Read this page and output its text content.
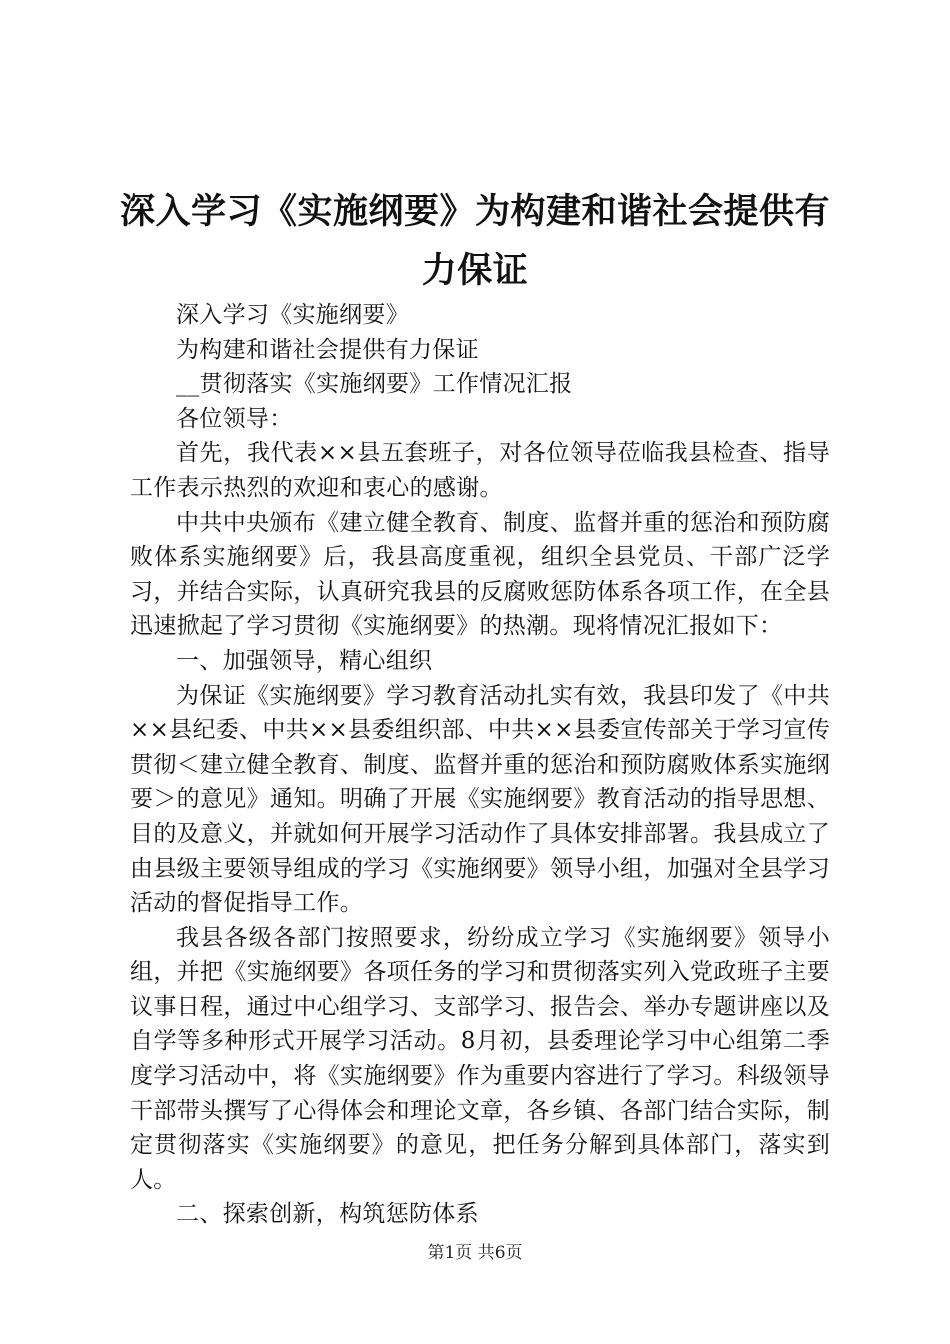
深入学习《实施纲要》为构建和谐社会提供有
力保证

深入学习《实施纲要》

为构建和谐社会提供有力保证

__贯彻落实《实施纲要》工作情况汇报

各位领导：

首先，我代表××县五套班子，对各位领导莅临我县检查、指导工作表示热烈的欢迎和衷心的感谢。

中共中央颁布《建立健全教育、制度、监督并重的惩治和预防腐败体系实施纲要》后，我县高度重视，组织全县党员、干部广泛学习，并结合实际，认真研究我县的反腐败惩防体系各项工作，在全县迅速掀起了学习贯彻《实施纲要》的热潮。现将情况汇报如下：

一、加强领导，精心组织

为保证《实施纲要》学习教育活动扎实有效，我县印发了《中共××县纪委、中共××县委组织部、中共××县委宣传部关于学习宣传贯彻＜建立健全教育、制度、监督并重的惩治和预防腐败体系实施纲要＞的意见》通知。明确了开展《实施纲要》教育活动的指导思想、目的及意义，并就如何开展学习活动作了具体安排部署。我县成立了由县级主要领导组成的学习《实施纲要》领导小组，加强对全县学习活动的督促指导工作。

我县各级各部门按照要求，纷纷成立学习《实施纲要》领导小组，并把《实施纲要》各项任务的学习和贯彻落实列入党政班子主要议事日程，通过中心组学习、支部学习、报告会、举办专题讲座以及自学等多种形式开展学习活动。8月初，县委理论学习中心组第二季度学习活动中，将《实施纲要》作为重要内容进行了学习。科级领导干部带头撰写了心得体会和理论文章，各乡镇、各部门结合实际，制定贯彻落实《实施纲要》的意见，把任务分解到具体部门，落实到人。

二、探索创新，构筑惩防体系

第1页 共6页
